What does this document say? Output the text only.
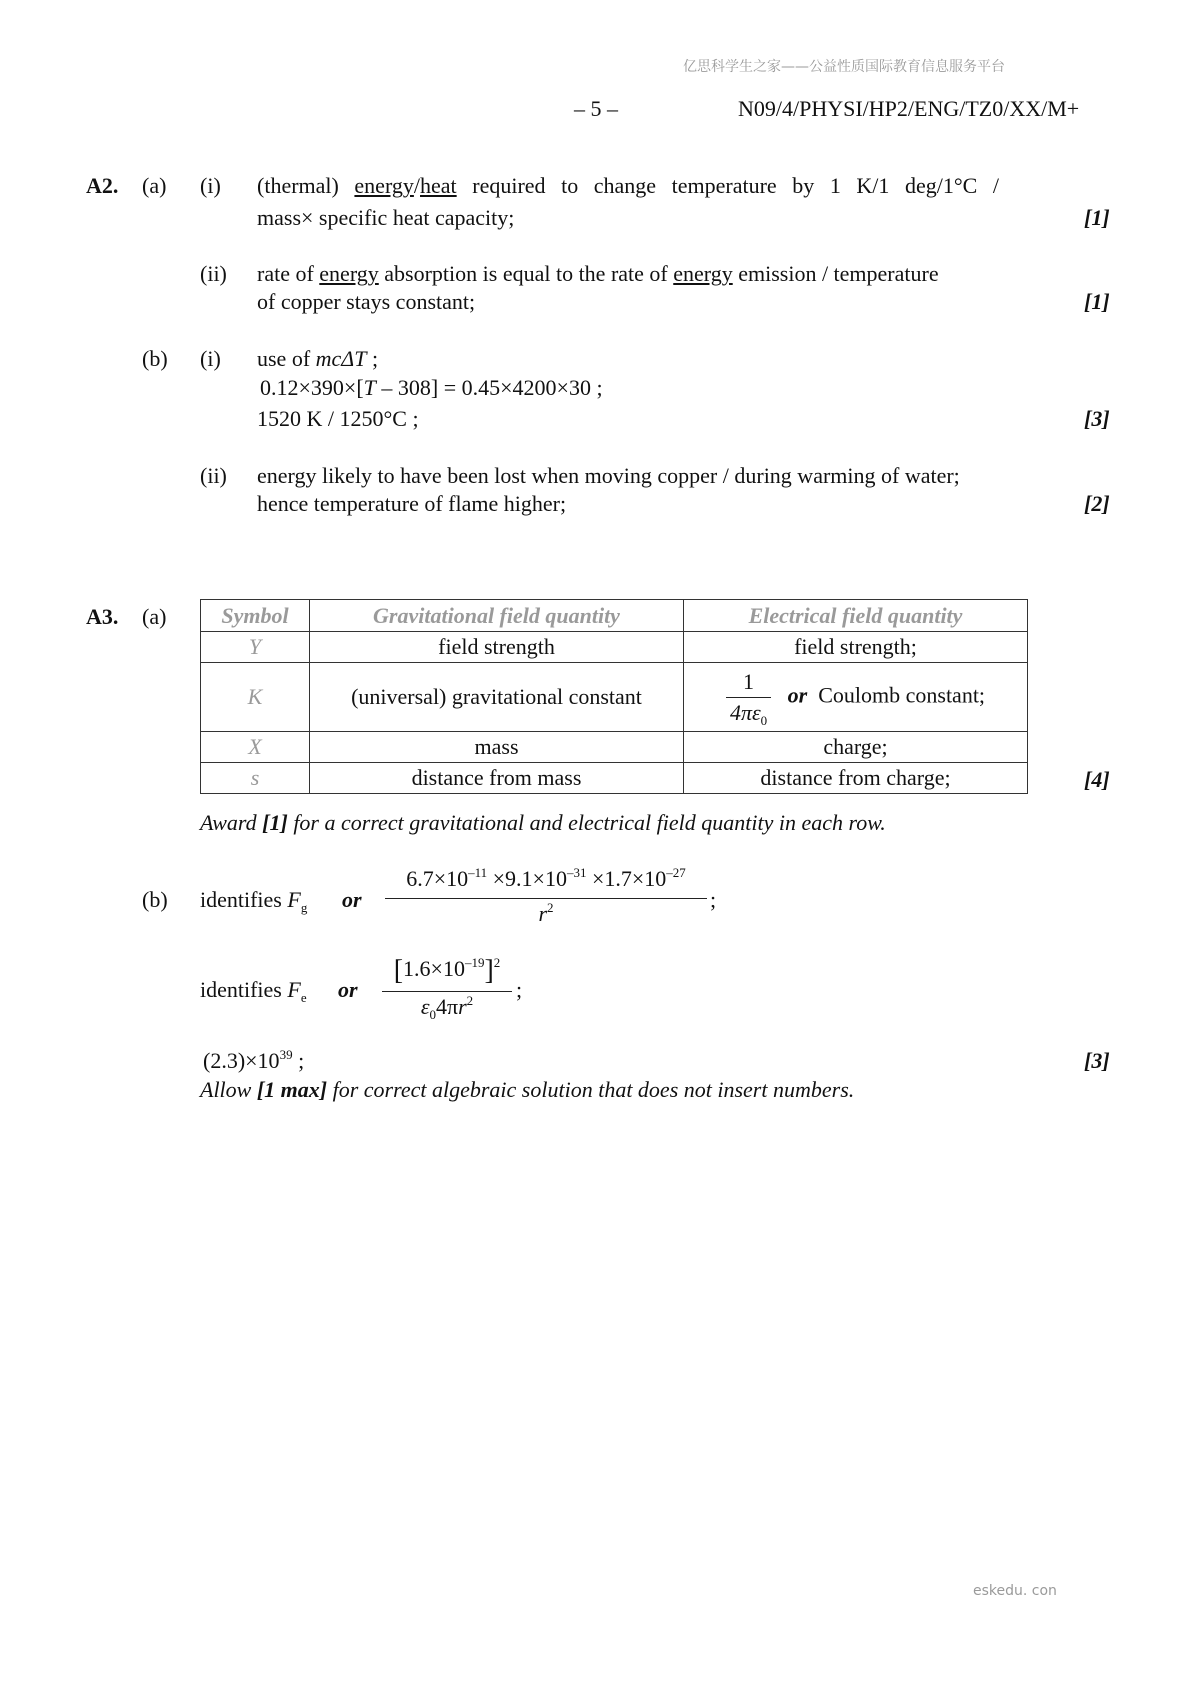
亿思科学生之家——公益性质国际教育信息服务平台
eskedu. con
– 5 –	N09/4/PHYSI/HP2/ENG/TZ0/XX/M+
A2. (a) (i) (thermal) energy/heat required to change temperature by 1 K/1 deg/1°C /
mass× specific heat capacity;	[1]
(ii) rate of energy absorption is equal to the rate of energy emission / temperature
of copper stays constant;	[1]
(b) (i) use of mcΔT ;
0.12×390×[T – 308] = 0.45×4200×30 ;
1520 K / 1250°C ;	[3]
(ii) energy likely to have been lost when moving copper / during warming of water;
hence temperature of flame higher;	[2]
A3. (a) Symbol	Gravitational field quantity	Electrical field quantity
Y	field strength	field strength;
K	(universal) gravitational constant	$\frac{1}{4\pi\varepsilon_0}$ or Coulomb constant;
X	mass	charge;
s	distance from mass	distance from charge;	[4]
Award [1] for a correct gravitational and electrical field quantity in each row.
(b) identifies $F_g$ or
$6.7\times 10^{-11} \times 9.1\times 10^{-31} \times 1.7\times 10^{-27}$
$r^2$	;
identifies $F_e$ or
$[1.6\times 10^{-19}]^2$
$\varepsilon_04\pi r^2$	;
$(2.3)\times 10^{39}$ ;	[3]
Allow [1 max] for correct algebraic solution that does not insert numbers.
